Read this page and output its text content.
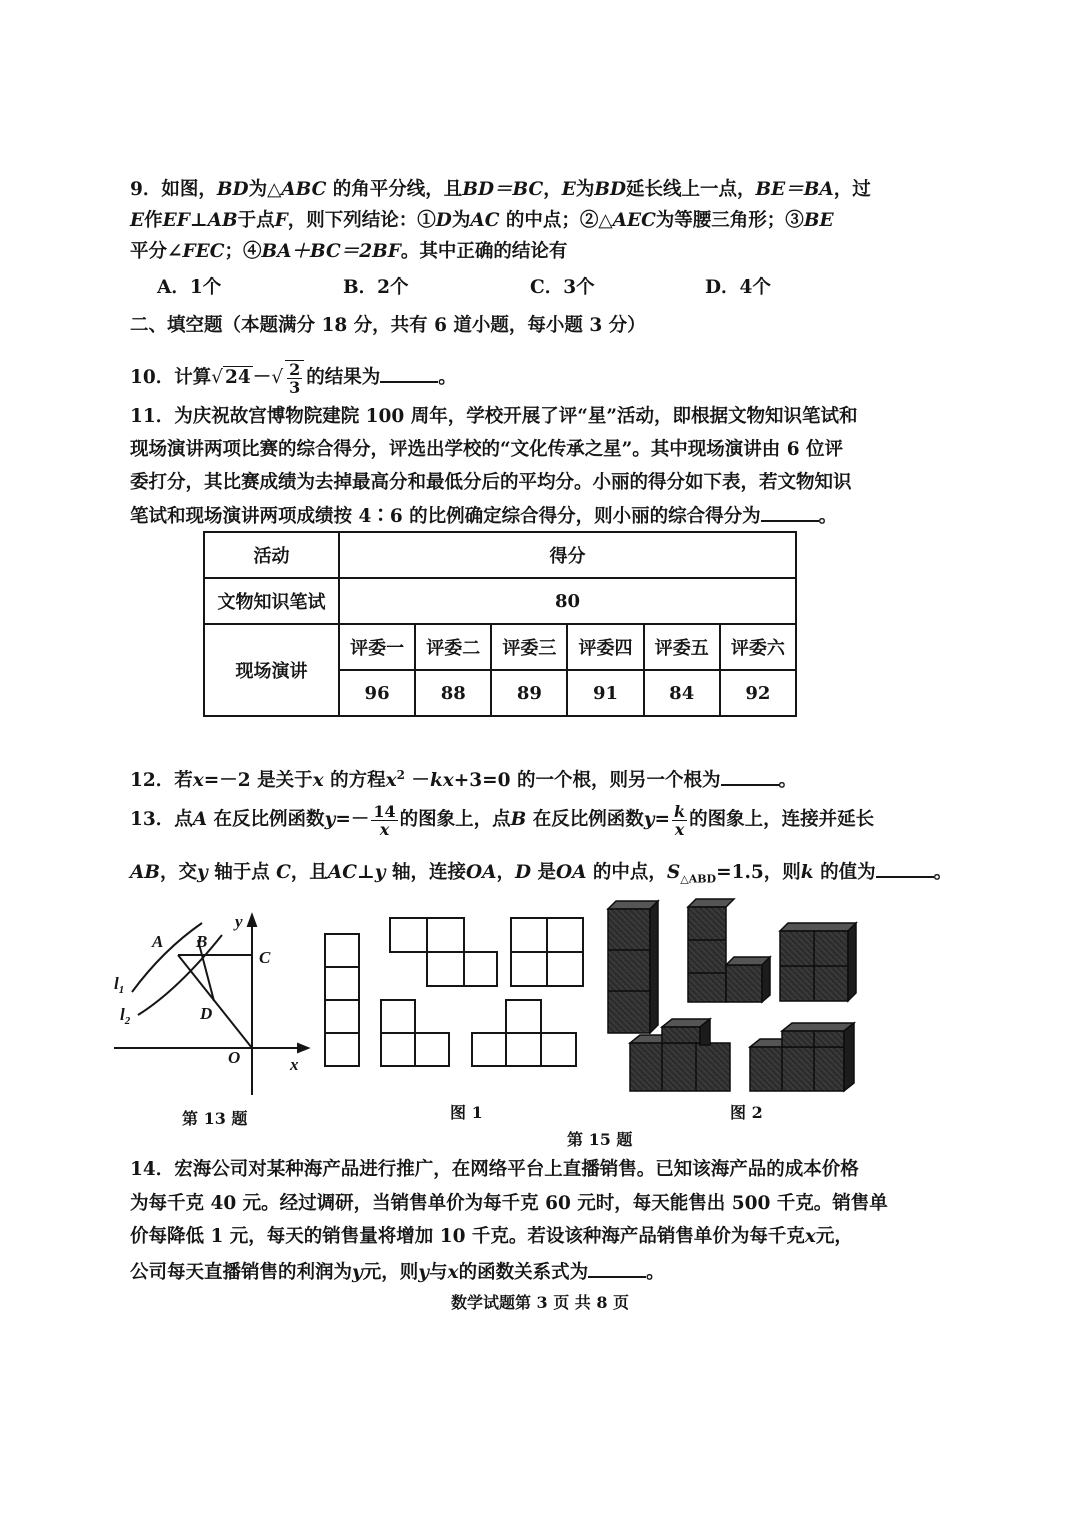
9．如图，BD为△ABC 的角平分线，且BD＝BC，E为BD延长线上一点，BE＝BA，过
E作EF⊥AB于点F，则下列结论：①D为AC 的中点；②△AEC为等腰三角形；③BE
平分∠FEC；④BA＋BC＝2BF。其中正确的结论有
A．1个	B．2个	C．3个	D．4个
二、填空题（本题满分 18 分，共有 6 道小题，每小题 3 分）
10．计算√ 24 －√ $\frac{2}{3}$ 的结果为	。
11．为庆祝故宫博物院建院 100 周年，学校开展了评“星”活动，即根据文物知识笔试和
现场演讲两项比赛的综合得分，评选出学校的“文化传承之星”。其中现场演讲由 6 位评
委打分，其比赛成绩为去掉最高分和最低分后的平均分。小丽的得分如下表，若文物知识
笔试和现场演讲两项成绩按 4∶6 的比例确定综合得分，则小丽的综合得分为	。
活动	得分					
文物知识笔试	80					
现场演讲	评委一	评委二	评委三	评委四	评委五	评委六
	96	88	89	91	84	92
12．若x=－2 是关于x 的方程$x^2 -kx+3=0$ 的一个根，则另一个根为	。
13．点A 在反比例函数$y=- \frac{14}{x}$ 的图象上，点B 在反比例函数$y= \frac{k}{x}$ 的图象上，连接并延长
AB，交y 轴于点 C，且AC⊥y 轴，连接OA，D 是OA 的中点，$S_{\triangle ABD}=1.5$，则k 的值为	。
A B
C
D
O	x
y
$l_1$
$l_2$
第 13 题	图 1	图 2
第 15 题
14．宏海公司对某种海产品进行推广，在网络平台上直播销售。已知该海产品的成本价格
为每千克 40 元。经过调研，当销售单价为每千克 60 元时，每天能售出 500 千克。销售单
价每降低 1 元，每天的销售量将增加 10 千克。若设该种海产品销售单价为每千克x元，
公司每天直播销售的利润为y元，则y与x的函数关系式为	。
数学试题第 3 页 共 8 页
